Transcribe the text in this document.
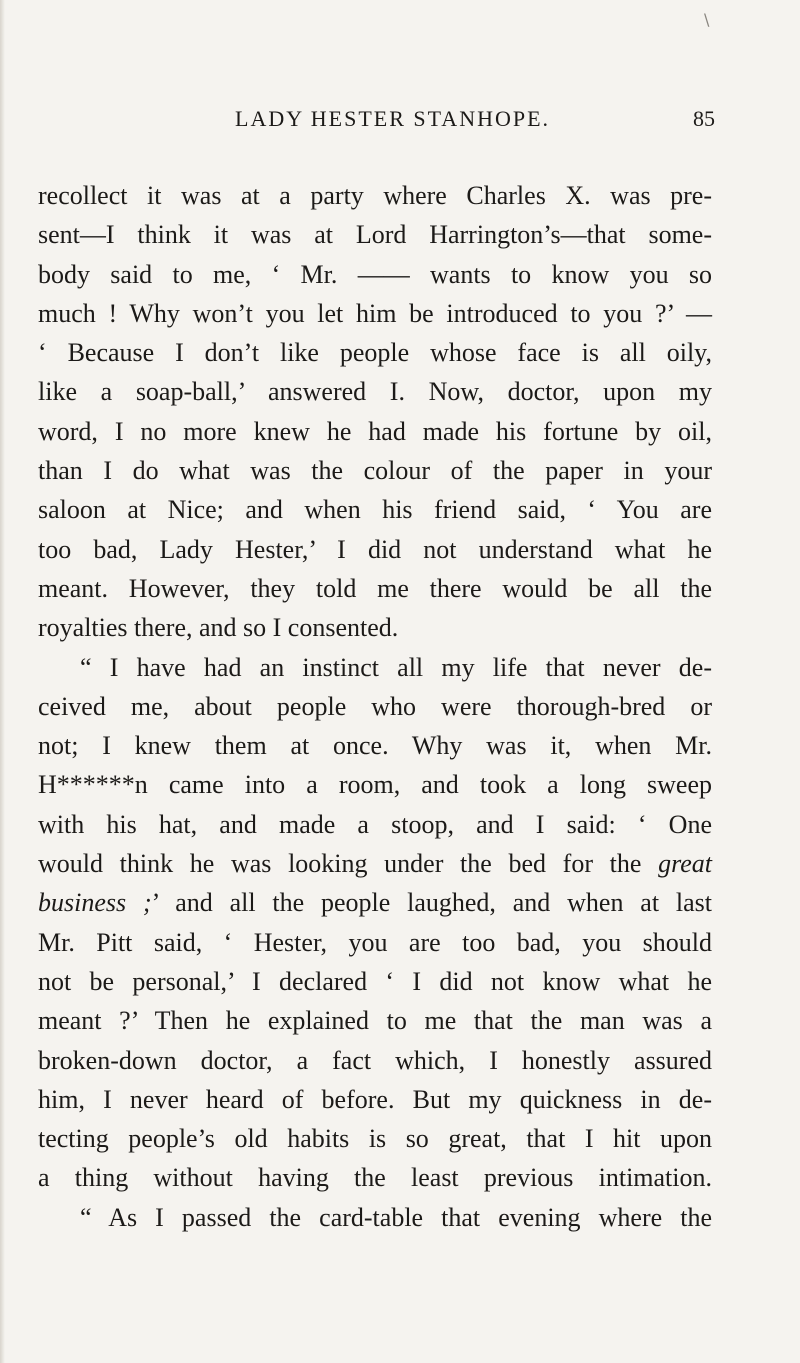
\
LADY HESTER STANHOPE.	85
recollect it was at a party where Charles X. was pre-
sent—I think it was at Lord Harrington’s—that some-
body said to me, ‘ Mr. —— wants to know you so
much ! Why won’t you let him be introduced to you ?’ —
‘ Because I don’t like people whose face is all oily,
like a soap-ball,’ answered I. Now, doctor, upon my
word, I no more knew he had made his fortune by oil,
than I do what was the colour of the paper in your
saloon at Nice; and when his friend said, ‘ You are
too bad, Lady Hester,’ I did not understand what he
meant. However, they told me there would be all the
royalties there, and so I consented.
“ I have had an instinct all my life that never de-
ceived me, about people who were thorough-bred or
not; I knew them at once. Why was it, when Mr.
H******n came into a room, and took a long sweep
with his hat, and made a stoop, and I said: ‘ One
would think he was looking under the bed for the great
business ;’ and all the people laughed, and when at last
Mr. Pitt said, ‘ Hester, you are too bad, you should
not be personal,’ I declared ‘ I did not know what he
meant ?’ Then he explained to me that the man was a
broken-down doctor, a fact which, I honestly assured
him, I never heard of before. But my quickness in de-
tecting people’s old habits is so great, that I hit upon
a thing without having the least previous intimation.
“ As I passed the card-table that evening where the
